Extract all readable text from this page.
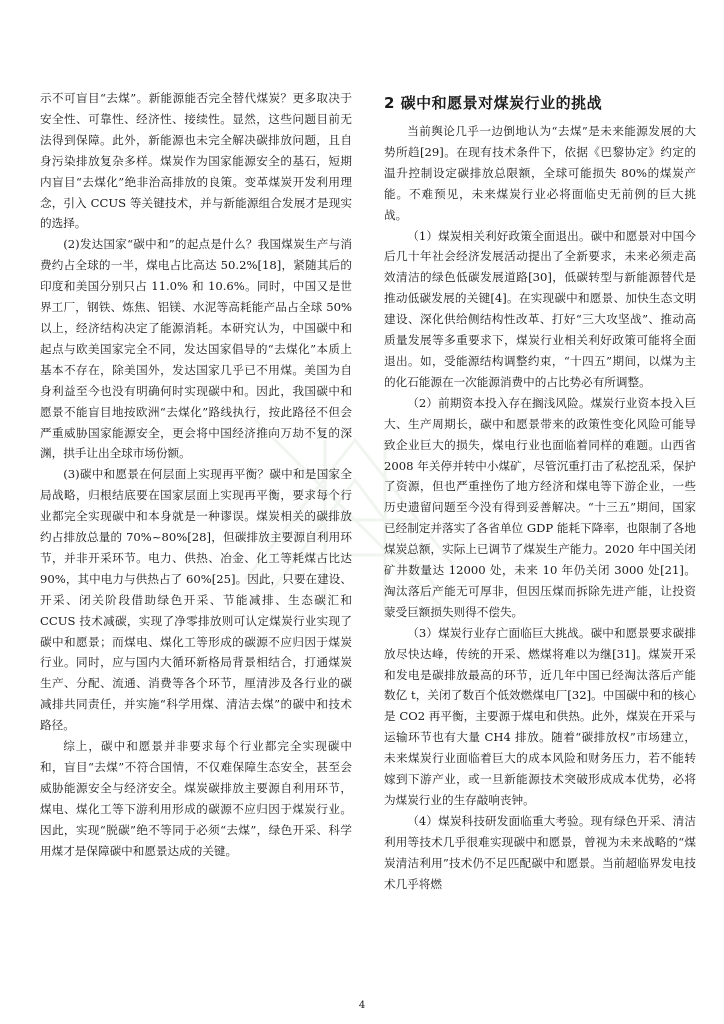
示不可盲目“去煤”。新能源能否完全替代煤炭？更多取决于安全性、可靠性、经济性、接续性。显然，这些问题目前无法得到保障。此外，新能源也未完全解决碳排放问题，且自身污染排放复杂多样。煤炭作为国家能源安全的基石，短期内盲目“去煤化”绝非治高排放的良策。变革煤炭开发利用理念，引入 CCUS 等关键技术，并与新能源组合发展才是现实的选择。

(2)发达国家“碳中和”的起点是什么？我国煤炭生产与消费约占全球的一半，煤电占比高达 50.2%[18]，紧随其后的印度和美国分别只占 11.0% 和 10.6%。同时，中国又是世界工厂，钢铁、炼焦、铝镁、水泥等高耗能产品占全球 50%以上，经济结构决定了能源消耗。本研究认为，中国碳中和起点与欧美国家完全不同，发达国家倡导的“去煤化”本质上基本不存在，除美国外，发达国家几乎已不用煤。美国为自身利益至今也没有明确何时实现碳中和。因此，我国碳中和愿景不能盲目地按欧洲“去煤化”路线执行，按此路径不但会严重威胁国家能源安全，更会将中国经济推向万劫不复的深渊，拱手让出全球市场份额。

(3)碳中和愿景在何层面上实现再平衡？碳中和是国家全局战略，归根结底要在国家层面上实现再平衡，要求每个行业都完全实现碳中和本身就是一种谬误。煤炭相关的碳排放约占排放总量的 70%~80%[28]，但碳排放主要源自利用环节，并非开采环节。电力、供热、冶金、化工等耗煤占比达 90%，其中电力与供热占了 60%[25]。因此，只要在建设、开采、闭关阶段借助绿色开采、节能减排、生态碳汇和 CCUS 技术减碳，实现了净零排放则可认定煤炭行业实现了碳中和愿景；而煤电、煤化工等形成的碳源不应归因于煤炭行业。同时，应与国内大循环新格局背景相结合，打通煤炭生产、分配、流通、消费等各个环节，厘清涉及各行业的碳减排共同责任，并实施“科学用煤、清洁去煤”的碳中和技术路径。

综上，碳中和愿景并非要求每个行业都完全实现碳中和，盲目“去煤”不符合国情，不仅难保障生态安全，甚至会威胁能源安全与经济安全。煤炭碳排放主要源自利用环节，煤电、煤化工等下游利用形成的碳源不应归因于煤炭行业。因此，实现“脱碳”绝不等同于必须“去煤”，绿色开采、科学用煤才是保障碳中和愿景达成的关键。

2 碳中和愿景对煤炭行业的挑战

当前舆论几乎一边倒地认为“去煤”是未来能源发展的大势所趋[29]。在现有技术条件下，依据《巴黎协定》约定的温升控制设定碳排放总限额，全球可能损失 80%的煤炭产能。不难预见，未来煤炭行业必将面临史无前例的巨大挑战。

（1）煤炭相关利好政策全面退出。碳中和愿景对中国今后几十年社会经济发展活动提出了全新要求，未来必须走高效清洁的绿色低碳发展道路[30]，低碳转型与新能源替代是推动低碳发展的关键[4]。在实现碳中和愿景、加快生态文明建设、深化供给侧结构性改革、打好“三大攻坚战”、推动高质量发展等多重要求下，煤炭行业相关利好政策可能将全面退出。如，受能源结构调整约束，“十四五”期间，以煤为主的化石能源在一次能源消费中的占比势必有所调整。

（2）前期资本投入存在搁浅风险。煤炭行业资本投入巨大、生产周期长，碳中和愿景带来的政策性变化风险可能导致企业巨大的损失，煤电行业也面临着同样的难题。山西省 2008 年关停并转中小煤矿，尽管沉重打击了私挖乱采，保护了资源，但也严重挫伤了地方经济和煤电等下游企业，一些历史遗留问题至今没有得到妥善解决。“十三五”期间，国家已经制定并落实了各省单位 GDP 能耗下降率，也限制了各地煤炭总额，实际上已调节了煤炭生产能力。2020 年中国关闭矿井数量达 12000 处，未来 10 年仍关闭 3000 处[21]。淘汰落后产能无可厚非，但因压煤而拆除先进产能，让投资蒙受巨额损失则得不偿失。

（3）煤炭行业存亡面临巨大挑战。碳中和愿景要求碳排放尽快达峰，传统的开采、燃煤将难以为继[31]。煤炭开采和发电是碳排放最高的环节，近几年中国已经淘汰落后产能数亿 t，关闭了数百个低效燃煤电厂[32]。中国碳中和的核心是 CO2 再平衡，主要源于煤电和供热。此外，煤炭在开采与运输环节也有大量 CH4 排放。随着“碳排放权”市场建立，未来煤炭行业面临着巨大的成本风险和财务压力，若不能转嫁到下游产业，或一旦新能源技术突破形成成本优势，必将为煤炭行业的生存敲响丧钟。

（4）煤炭科技研发面临重大考验。现有绿色开采、清洁利用等技术几乎很难实现碳中和愿景，曾视为未来战略的“煤炭清洁利用”技术仍不足匹配碳中和愿景。当前超临界发电技术几乎将燃

4
